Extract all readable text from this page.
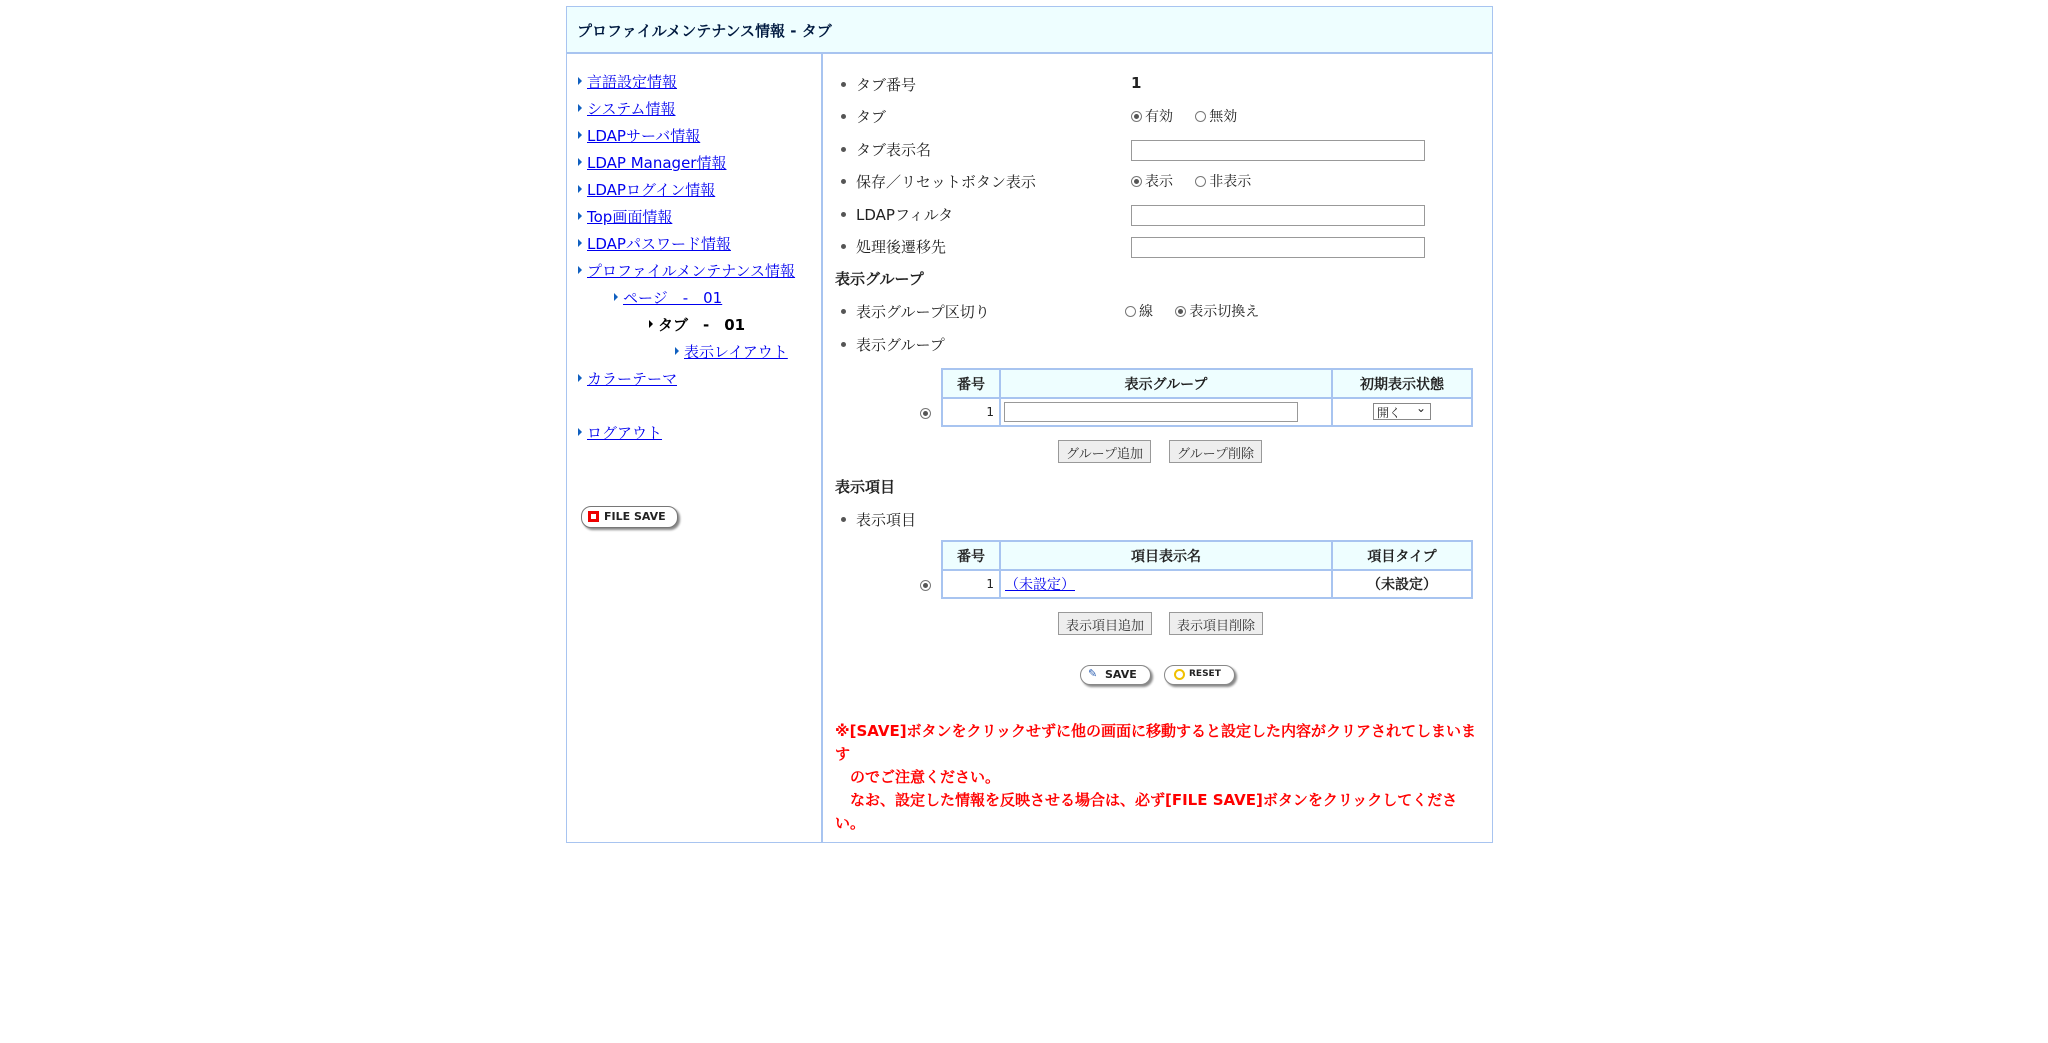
プロファイルメンテナンス情報 - タブ
言語設定情報
システム情報
LDAPサーバ情報
LDAP Manager情報
LDAPログイン情報
Top画面情報
LDAPパスワード情報
プロファイルメンテナンス情報
ページ　-　01
タブ　-　01
表示レイアウト
カラーテーマ
ログアウト
FILE SAVE
タブ番号	1
タブ	有効	無効
タブ表示名
保存／リセットボタン表示	表示	非表示
LDAPフィルタ
処理後遷移先
表示グループ
表示グループ区切り	線	表示切換え
表示グループ
番号	表示グループ	初期表示状態
1		開く ⌄
グループ追加	グループ削除
表示項目
表示項目
番号	項目表示名	項目タイプ
1	（未設定）	（未設定）
表示項目追加	表示項目削除
✎ SAVE	RESET
※[SAVE]ボタンをクリックせずに他の画面に移動すると設定した内容がクリアされてしまいます
　のでご注意ください。
　なお、設定した情報を反映させる場合は、必ず[FILE SAVE]ボタンをクリックしてください。
